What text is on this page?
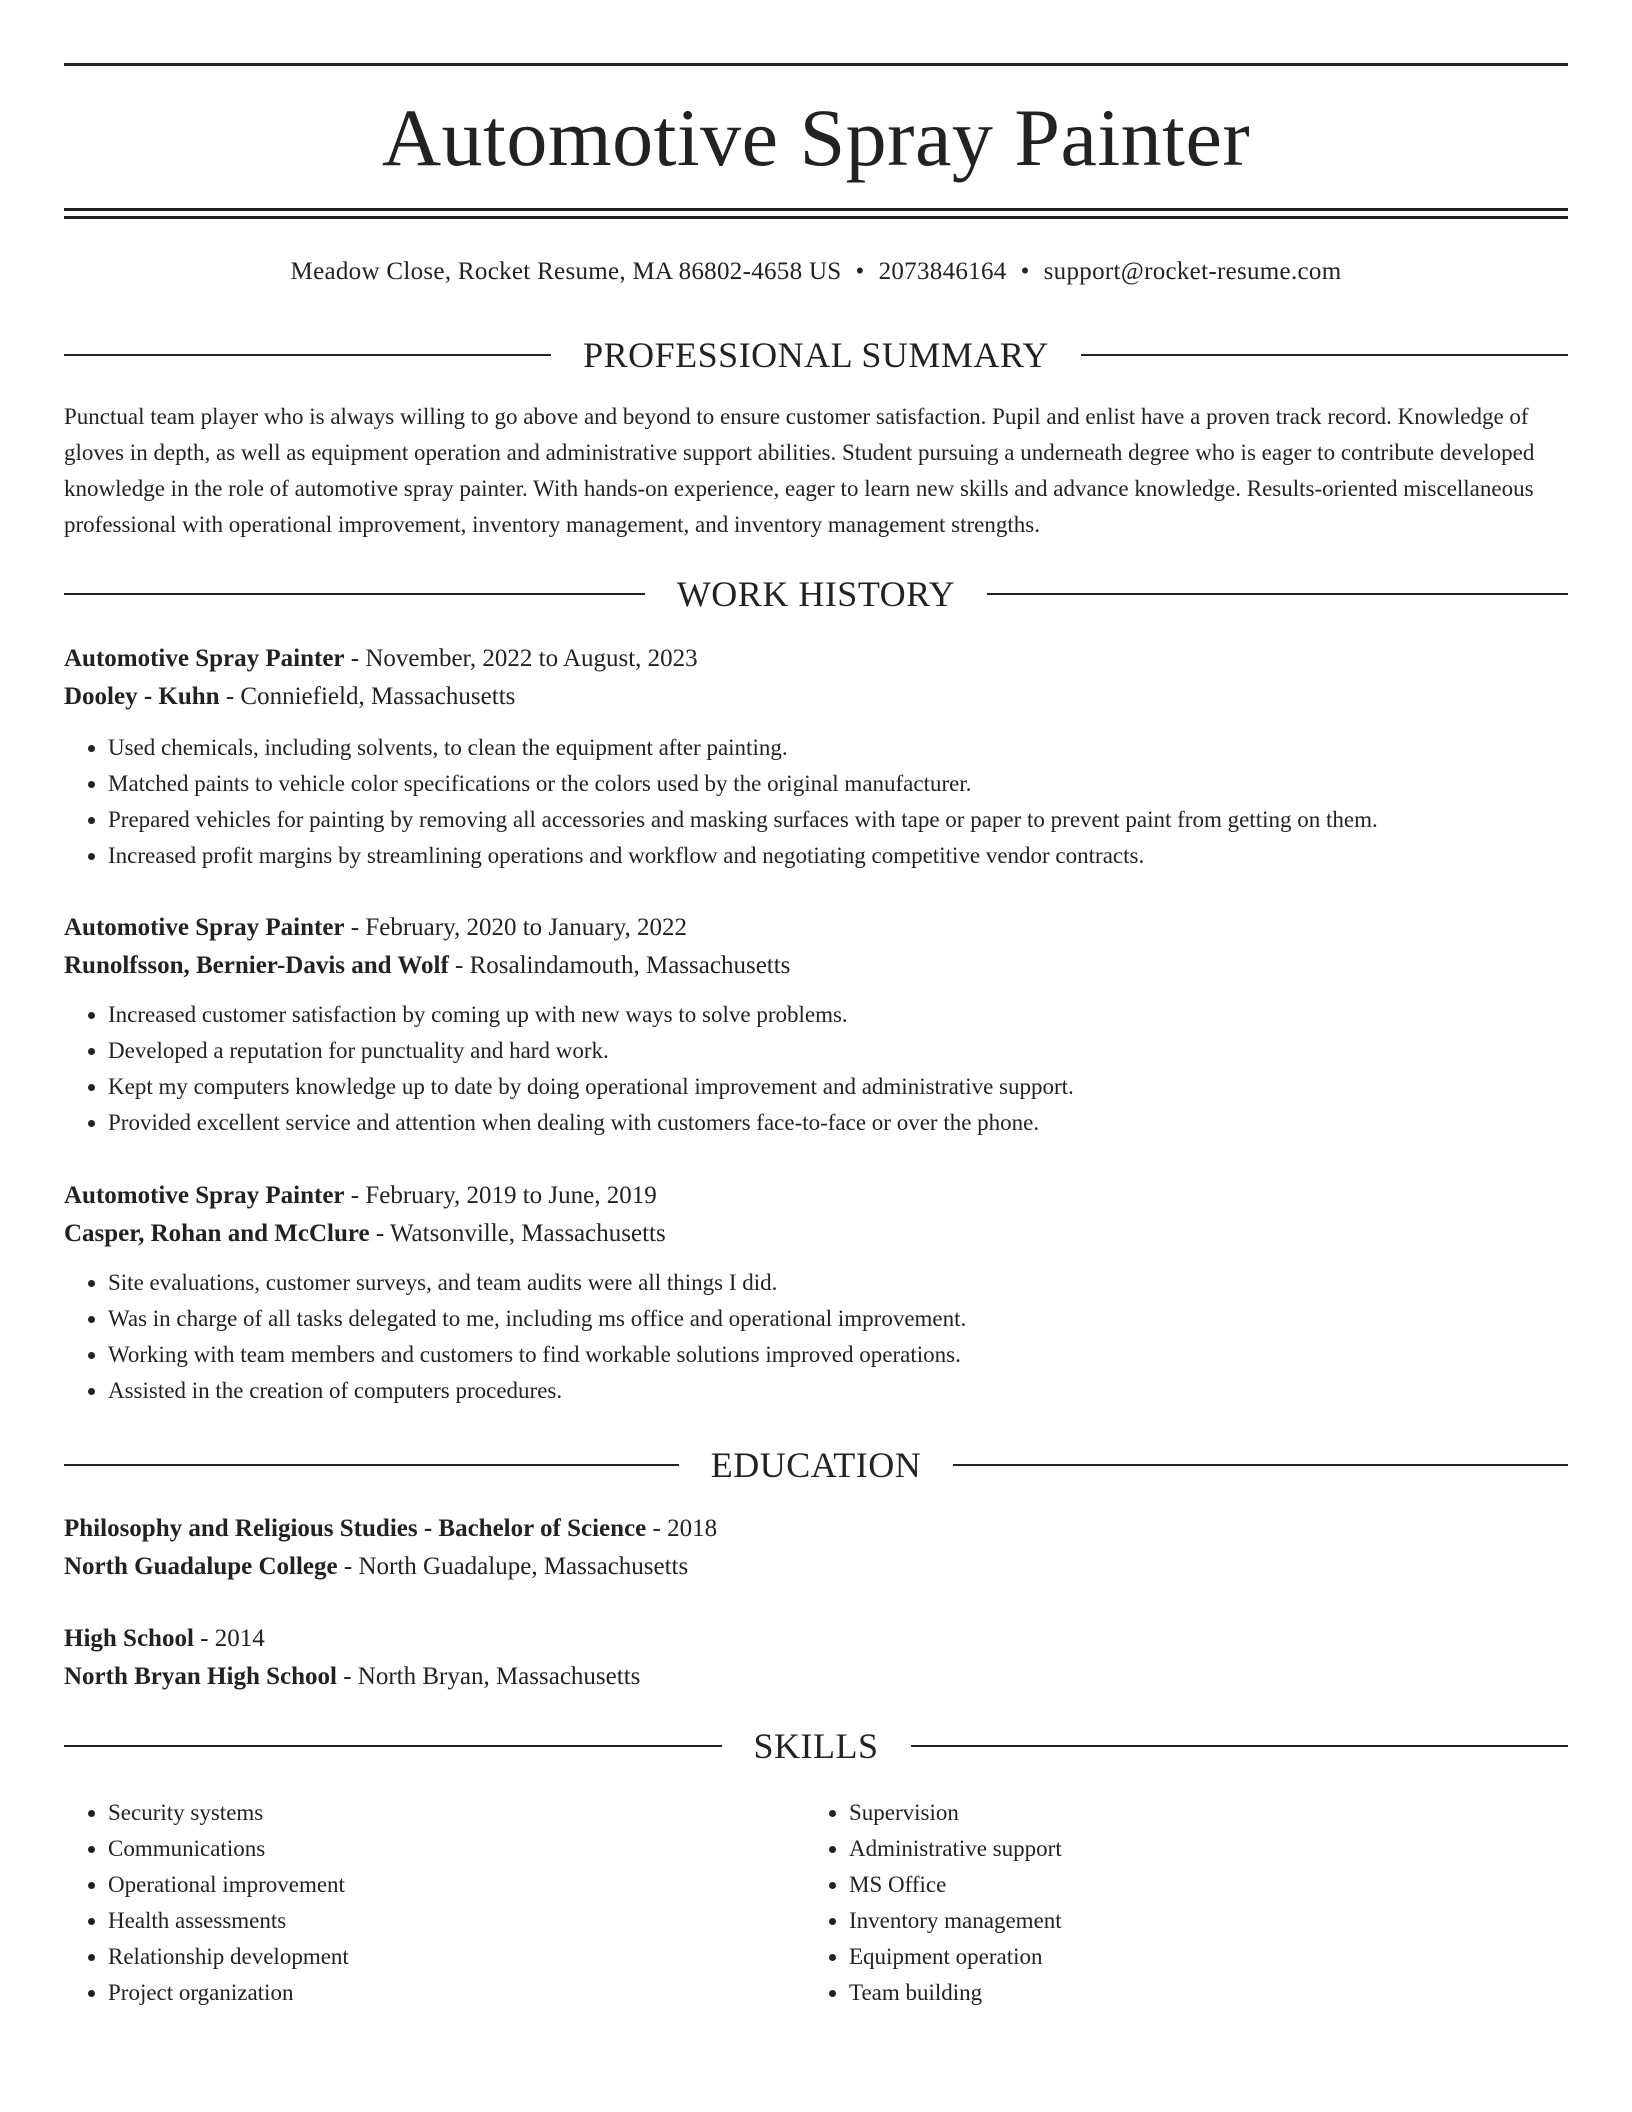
Automotive Spray Painter
Meadow Close, Rocket Resume, MA 86802-4658 US • 2073846164 • support@rocket-resume.com
PROFESSIONAL SUMMARY

Punctual team player who is always willing to go above and beyond to ensure customer satisfaction. Pupil and enlist have a proven track record. Knowledge of gloves in depth, as well as equipment operation and administrative support abilities. Student pursuing a underneath degree who is eager to contribute developed knowledge in the role of automotive spray painter. With hands-on experience, eager to learn new skills and advance knowledge. Results-oriented miscellaneous professional with operational improvement, inventory management, and inventory management strengths.

WORK HISTORY

Automotive Spray Painter - November, 2022 to August, 2023

Dooley - Kuhn - Conniefield, Massachusetts

• Used chemicals, including solvents, to clean the equipment after painting.
• Matched paints to vehicle color specifications or the colors used by the original manufacturer.
• Prepared vehicles for painting by removing all accessories and masking surfaces with tape or paper to prevent paint from getting on them.
• Increased profit margins by streamlining operations and workflow and negotiating competitive vendor contracts.

Automotive Spray Painter - February, 2020 to January, 2022

Runolfsson, Bernier-Davis and Wolf - Rosalindamouth, Massachusetts

• Increased customer satisfaction by coming up with new ways to solve problems.
• Developed a reputation for punctuality and hard work.
• Kept my computers knowledge up to date by doing operational improvement and administrative support.
• Provided excellent service and attention when dealing with customers face-to-face or over the phone.

Automotive Spray Painter - February, 2019 to June, 2019

Casper, Rohan and McClure - Watsonville, Massachusetts

• Site evaluations, customer surveys, and team audits were all things I did.
• Was in charge of all tasks delegated to me, including ms office and operational improvement.
• Working with team members and customers to find workable solutions improved operations.
• Assisted in the creation of computers procedures.
EDUCATION

Philosophy and Religious Studies - Bachelor of Science - 2018

North Guadalupe College - North Guadalupe, Massachusetts

High School - 2014

North Bryan High School - North Bryan, Massachusetts

SKILLS
• Security systems
• Communications
• Operational improvement
• Health assessments
• Relationship development
• Project organization
• Supervision
• Administrative support
• MS Office
• Inventory management
• Equipment operation
• Team building
